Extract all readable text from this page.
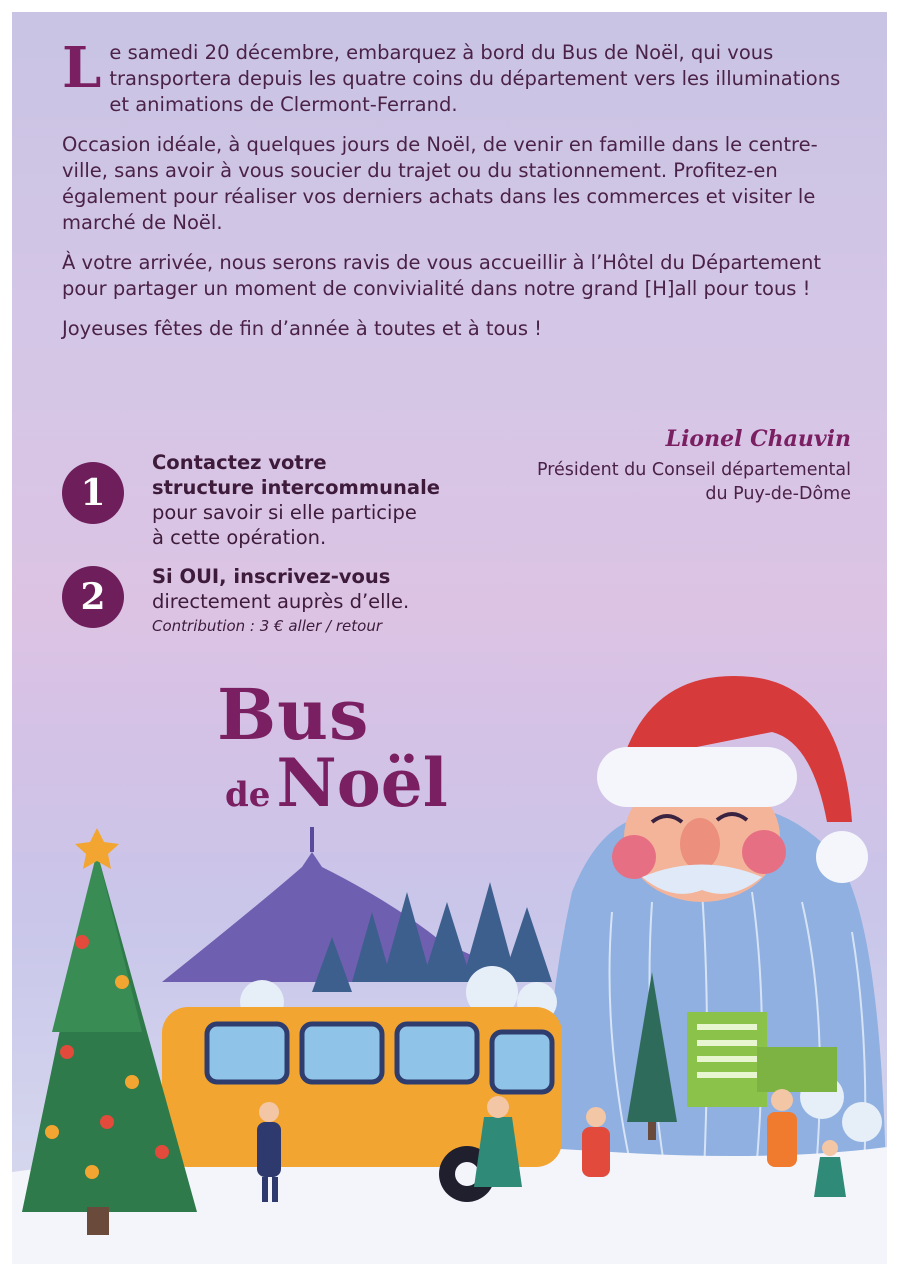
Le samedi 20 décembre, embarquez à bord du Bus de Noël, qui vous transportera depuis les quatre coins du département vers les illuminations et animations de Clermont-Ferrand.

Occasion idéale, à quelques jours de Noël, de venir en famille dans le centre-ville, sans avoir à vous soucier du trajet ou du stationnement. Profitez-en également pour réaliser vos derniers achats dans les commerces et visiter le marché de Noël.

À votre arrivée, nous serons ravis de vous accueillir à l’Hôtel du Département pour partager un moment de convivialité dans notre grand [H]all pour tous !

Joyeuses fêtes de fin d’année à toutes et à tous !

1
Contactez votre
structure intercommunale
pour savoir si elle participe
à cette opération.
2	Si OUI, inscrivez-vous
directement auprès d’elle.
Contribution : 3 € aller / retour
Lionel Chauvin
Président du Conseil départemental
du Puy-de-Dôme
Bus
deNoël
